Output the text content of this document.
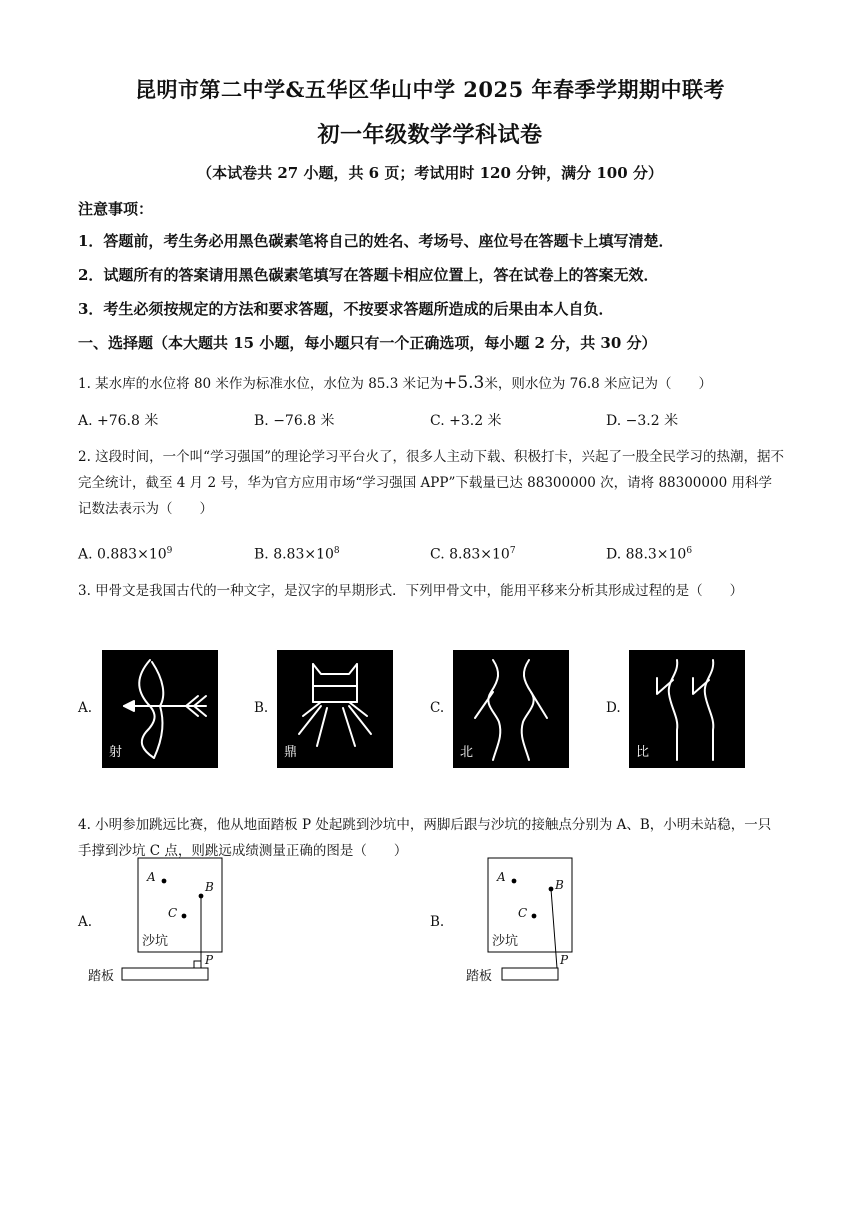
昆明市第二中学&五华区华山中学 2025 年春季学期期中联考
初一年级数学学科试卷
（本试卷共 27 小题，共 6 页；考试用时 120 分钟，满分 100 分）
注意事项：
1．答题前，考生务必用黑色碳素笔将自己的姓名、考场号、座位号在答题卡上填写清楚．
2．试题所有的答案请用黑色碳素笔填写在答题卡相应位置上，答在试卷上的答案无效．
3．考生必须按规定的方法和要求答题，不按要求答题所造成的后果由本人自负．
一、选择题（本大题共 15 小题，每小题只有一个正确选项，每小题 2 分，共 30 分）
1. 某水库的水位将 80 米作为标准水位，水位为 85.3 米记为+5.3米，则水位为 76.8 米应记为（　　）
A. +76.8 米	B. −76.8 米	C. +3.2 米	D. −3.2 米
2. 这段时间，一个叫“学习强国”的理论学习平台火了，很多人主动下载、积极打卡，兴起了一股全民学习的热潮，据不完全统计，截至 4 月 2 号，华为官方应用市场“学习强国 APP”下载量已达 88300000 次，请将 88300000 用科学记数法表示为（　　）
A. $0.883\times 10^9$	B. $8.83\times 10^8$	C. $8.83\times 10^7$	D. $88.3\times 10^6$
3. 甲骨文是我国古代的一种文字，是汉字的早期形式．下列甲骨文中，能用平移来分析其形成过程的是（　　）
A.
射
B.
鼎
C.
北
D.
比
4. 小明参加跳远比赛，他从地面踏板 P 处起跳到沙坑中，两脚后跟与沙坑的接触点分别为 A、B，小明未站稳，一只手撑到沙坑 C 点，则跳远成绩测量正确的图是（　　）
A.
A
B
C
P
沙坑
踏板
B.
A
B
C
P
沙坑
踏板
